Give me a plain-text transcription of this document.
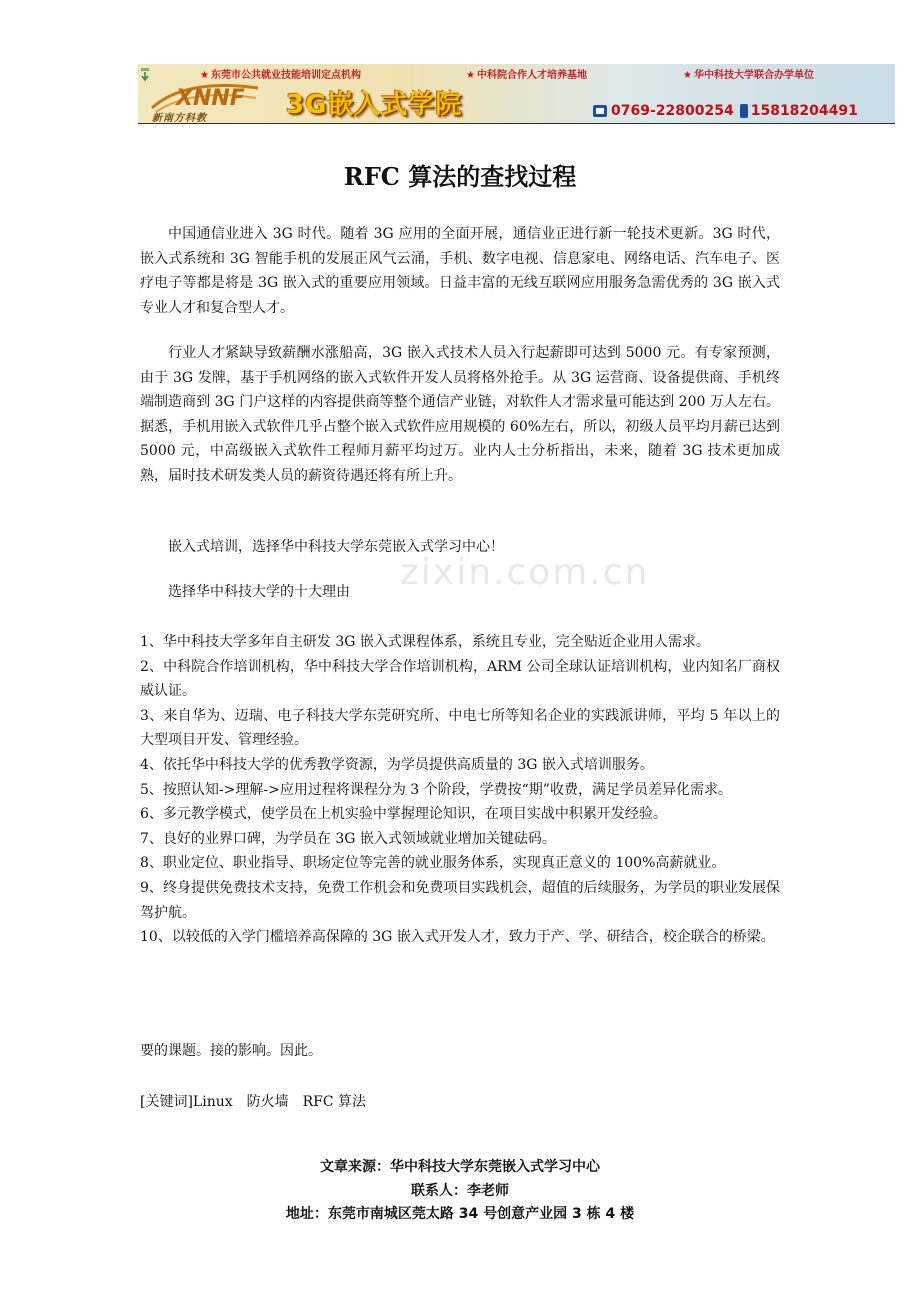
★ 东莞市公共就业技能培训定点机构	★ 中科院合作人才培养基地	★ 华中科技大学联合办学单位
XNNF
新南方科教	3G嵌入式学院	0769-22800254 15818204491
RFC 算法的查找过程
zixin.com.cn
中国通信业进入 3G 时代。随着 3G 应用的全面开展，通信业正进行新一轮技术更新。3G 时代，嵌入式系统和 3G 智能手机的发展正风气云涌，手机、数字电视、信息家电、网络电话、汽车电子、医疗电子等都是将是 3G 嵌入式的重要应用领域。日益丰富的无线互联网应用服务急需优秀的 3G 嵌入式专业人才和复合型人才。
行业人才紧缺导致薪酬水涨船高，3G 嵌入式技术人员入行起薪即可达到 5000 元。有专家预测，由于 3G 发牌，基于手机网络的嵌入式软件开发人员将格外抢手。从 3G 运营商、设备提供商、手机终端制造商到 3G 门户这样的内容提供商等整个通信产业链，对软件人才需求量可能达到 200 万人左右。据悉，手机用嵌入式软件几乎占整个嵌入式软件应用规模的 60%左右，所以，初级人员平均月薪已达到 5000 元，中高级嵌入式软件工程师月薪平均过万。业内人士分析指出，未来，随着 3G 技术更加成熟，届时技术研发类人员的薪资待遇还将有所上升。
嵌入式培训，选择华中科技大学东莞嵌入式学习中心！
选择华中科技大学的十大理由
1、华中科技大学多年自主研发 3G 嵌入式课程体系，系统且专业，完全贴近企业用人需求。
2、中科院合作培训机构，华中科技大学合作培训机构，ARM 公司全球认证培训机构，业内知名厂商权威认证。
3、来自华为、迈瑞、电子科技大学东莞研究所、中电七所等知名企业的实践派讲师，平均 5 年以上的大型项目开发、管理经验。
4、依托华中科技大学的优秀教学资源，为学员提供高质量的 3G 嵌入式培训服务。
5、按照认知->理解->应用过程将课程分为 3 个阶段，学费按“期”收费，满足学员差异化需求。
6、多元教学模式，使学员在上机实验中掌握理论知识，在项目实战中积累开发经验。
7、良好的业界口碑，为学员在 3G 嵌入式领域就业增加关键砝码。
8、职业定位、职业指导、职场定位等完善的就业服务体系，实现真正意义的 100%高薪就业。
9、终身提供免费技术支持，免费工作机会和免费项目实践机会，超值的后续服务，为学员的职业发展保驾护航。
10、以较低的入学门槛培养高保障的 3G 嵌入式开发人才，致力于产、学、研结合，校企联合的桥梁。
要的课题。接的影响。因此。
[关键词]Linux　防火墙　RFC 算法
文章来源：华中科技大学东莞嵌入式学习中心
联系人：李老师
地址：东莞市南城区莞太路 34 号创意产业园 3 栋 4 楼
